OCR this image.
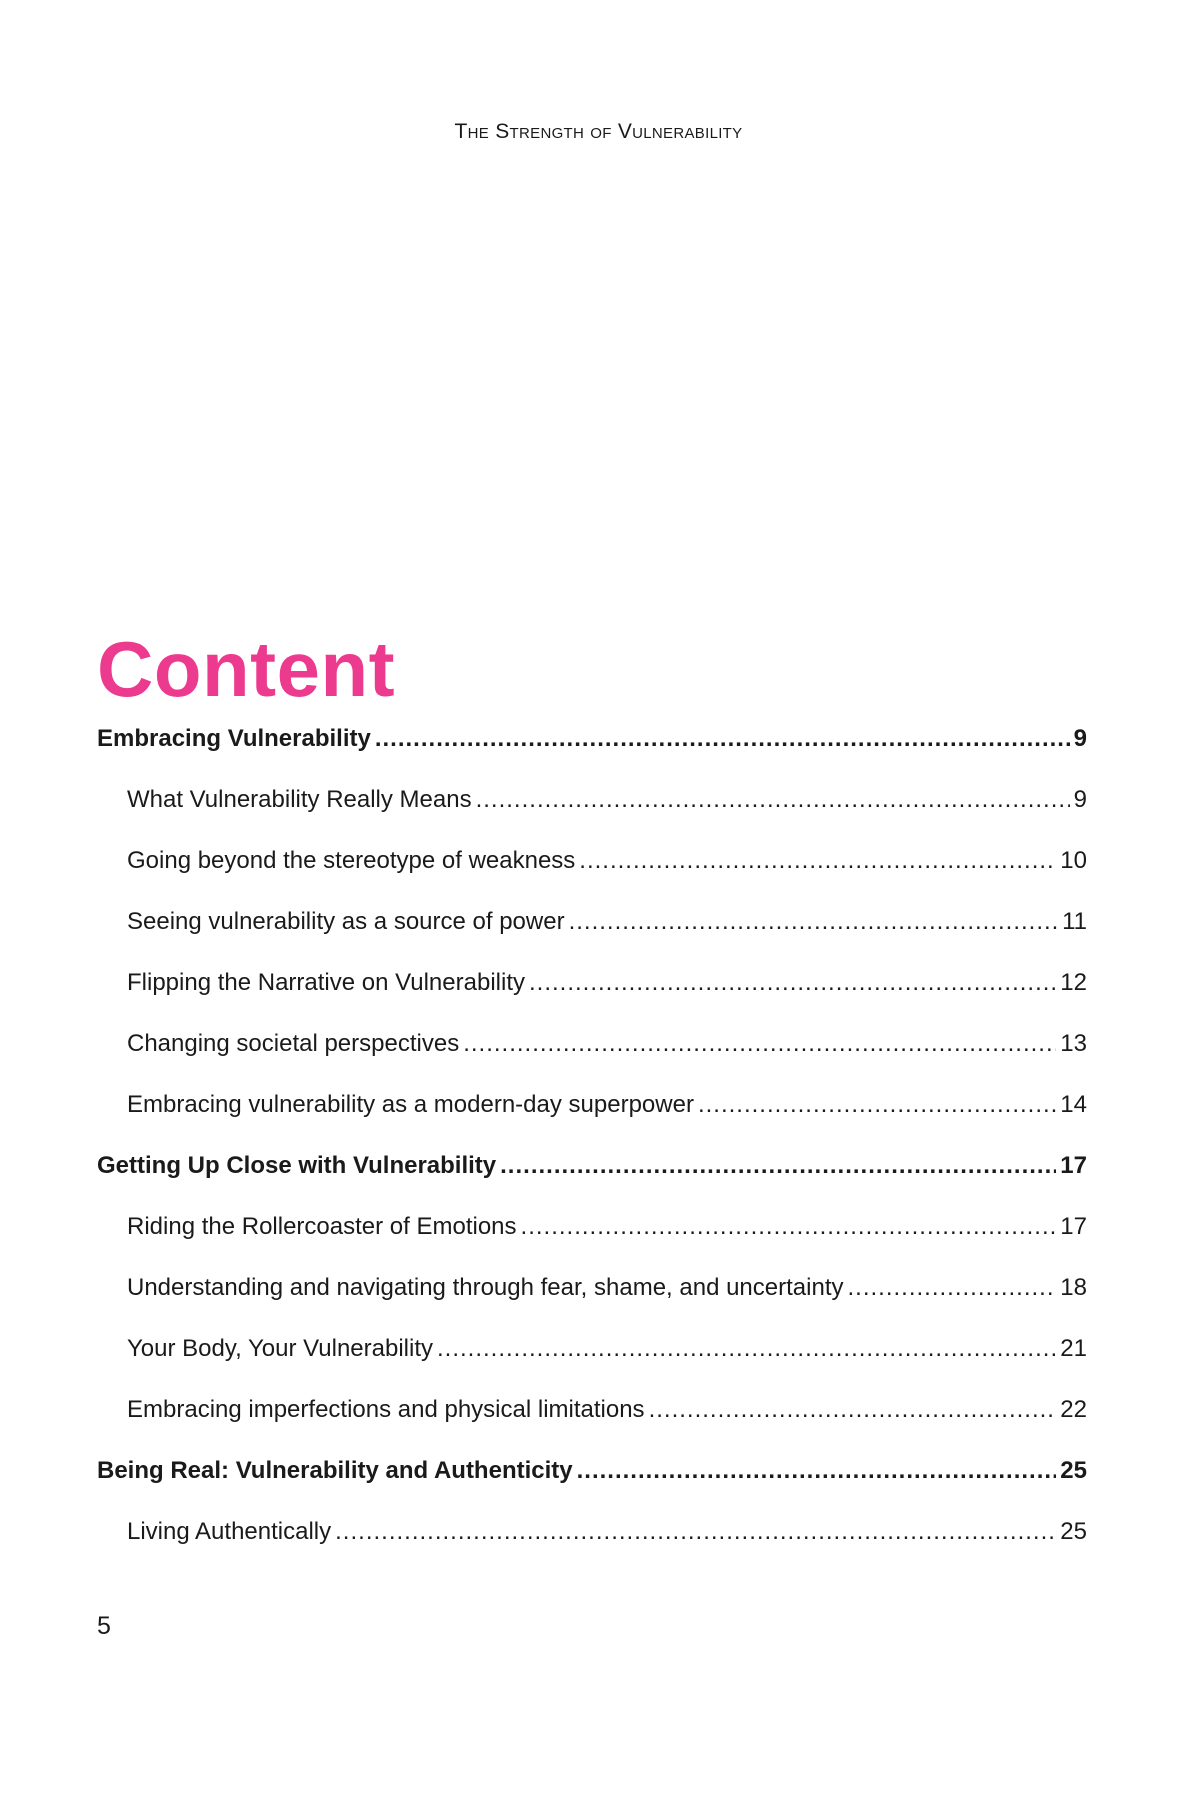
The Strength of Vulnerability
Content
Embracing Vulnerability .....	9
What Vulnerability Really Means .....	9
Going beyond the stereotype of weakness .....	10
Seeing vulnerability as a source of power .....	11
Flipping the Narrative on Vulnerability .....	12
Changing societal perspectives .....	13
Embracing vulnerability as a modern-day superpower .....	14
Getting Up Close with Vulnerability .....	17
Riding the Rollercoaster of Emotions .....	17
Understanding and navigating through fear, shame, and uncertainty .....	18
Your Body, Your Vulnerability .....	21
Embracing imperfections and physical limitations .....	22
Being Real: Vulnerability and Authenticity .....	25
Living Authentically .....	25
5
